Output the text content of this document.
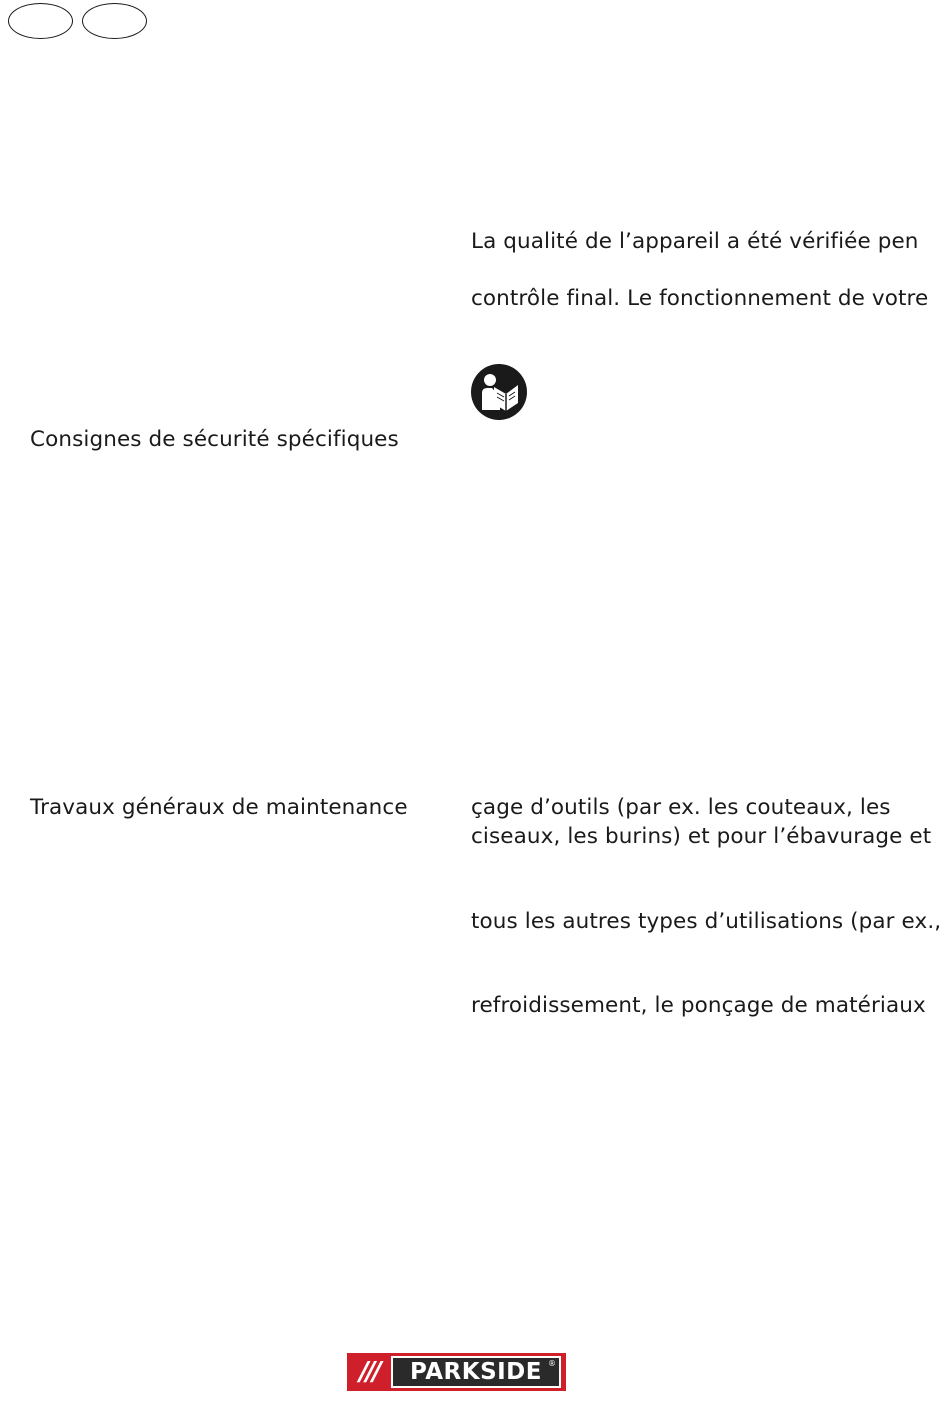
La qualité de l’appareil a été vérifiée pen
contrôle final. Le fonctionnement de votre
Consignes de sécurité spécifiques
Travaux généraux de maintenance	çage d’outils (par ex. les couteaux, les
ciseaux, les burins) et pour l’ébavurage et
tous les autres types d’utilisations (par ex.,
refroidissement, le ponçage de matériaux
///	PARKSIDE ®
